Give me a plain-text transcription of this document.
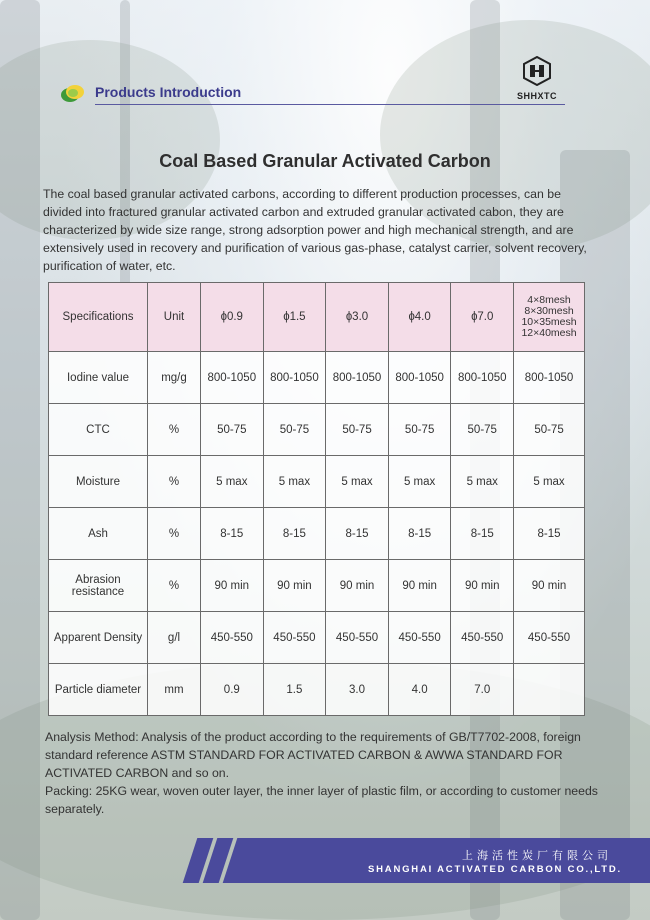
Products Introduction	SHHXTC
Coal Based Granular Activated Carbon
The coal based granular activated carbons, according to different production processes, can be divided into fractured granular activated carbon and extruded granular activated cabon, they are characterized by wide size range, strong adsorption power and high mechanical strength, and are extensively used in recovery and purification of various gas-phase, catalyst carrier, solvent recovery, purification of water, etc.
Specifications	Unit	ɸ0.9	ɸ1.5	ɸ3.0	ɸ4.0	ɸ7.0	4×8mesh
8×30mesh
10×35mesh
12×40mesh

Iodine value	mg/g	800-1050	800-1050	800-1050	800-1050	800-1050	800-1050
CTC	%	50-75	50-75	50-75	50-75	50-75	50-75
Moisture	%	5 max	5 max	5 max	5 max	5 max	5 max
Ash	%	8-15	8-15	8-15	8-15	8-15	8-15
Abrasion resistance	%	90 min	90 min	90 min	90 min	90 min	90 min
Apparent Density	g/l	450-550	450-550	450-550	450-550	450-550	450-550
Particle diameter	mm	0.9	1.5	3.0	4.0	7.0	
Analysis Method: Analysis of the product according to the requirements of GB/T7702-2008, foreign standard reference ASTM STANDARD FOR ACTIVATED CARBON & AWWA STANDARD FOR ACTIVATED CARBON and so on.
Packing: 25KG wear, woven outer layer, the inner layer of plastic film, or according to customer needs separately.
上海活性炭厂有限公司
SHANGHAI ACTIVATED CARBON CO.,LTD.
